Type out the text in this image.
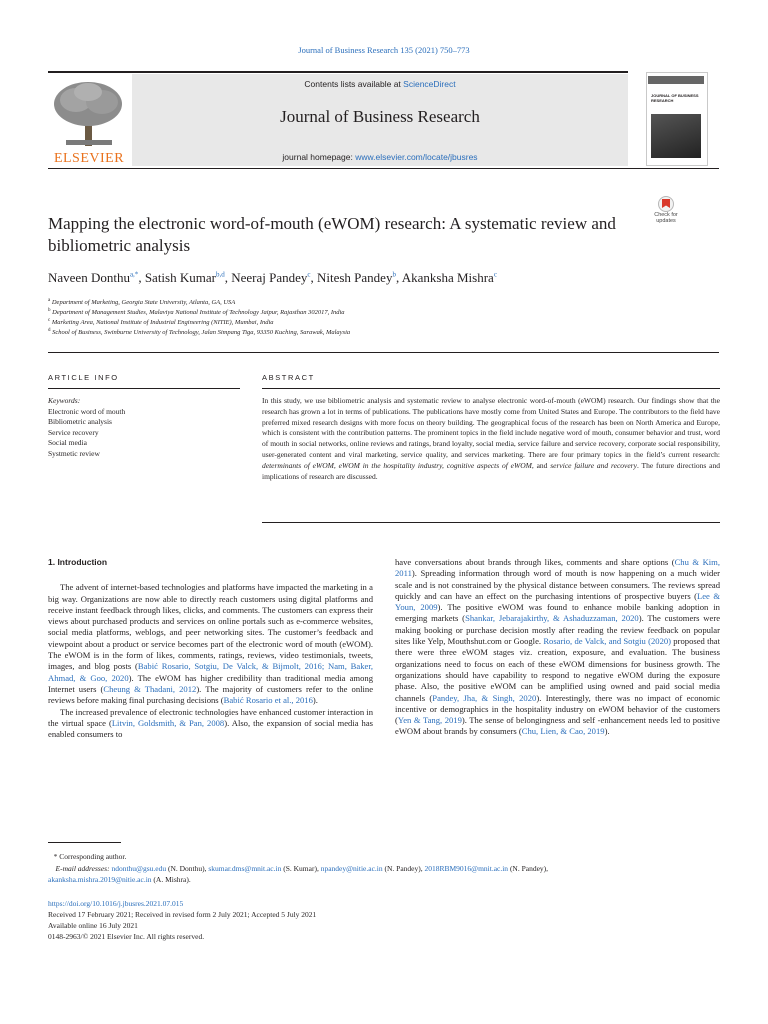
Journal of Business Research 135 (2021) 750–773
ELSEVIER
Contents lists available at ScienceDirect
Journal of Business Research
journal homepage: www.elsevier.com/locate/jbusres
JOURNAL OF BUSINESS RESEARCH
Mapping the electronic word-of-mouth (eWOM) research: A systematic review and bibliometric analysis
Check for updates
Naveen Donthu$^{a,*}$, Satish Kumar$^{b,d}$, Neeraj Pandey$^c$, Nitesh Pandey$^b$, Akanksha Mishra$^c$
$^a$ Department of Marketing, Georgia State University, Atlanta, GA, USA
$^b$ Department of Management Studies, Malaviya National Institute of Technology Jaipur, Rajasthan 302017, India
$^c$ Marketing Area, National Institute of Industrial Engineering (NITIE), Mumbai, India
$^d$ School of Business, Swinburne University of Technology, Jalan Simpang Tiga, 93350 Kuching, Sarawak, Malaysia
ARTICLE INFO	ABSTRACT
Keywords:
Electronic word of mouth
Bibliometric analysis
Service recovery
Social media
Systmetic review
In this study, we use bibliometric analysis and systematic review to analyse electronic word-of-mouth (eWOM) research. Our findings show that the research has grown a lot in terms of publications. The publications have mostly come from United States and Europe. The contributors to the field have preferred mixed research designs with more focus on theory building. The geographical focus of the research has been on North America and Europe, which is consistent with the contribution patterns. The prominent topics in the field include negative word of mouth, consumer behavior and trust, word of mouth in social networks, online reviews and ratings, brand loyalty, social media, service failure and service recovery, corporate social responsibility, user-generated content and viral marketing, service quality, and services marketing. There are four primary topics in the field’s current research: determinants of eWOM, eWOM in the hospitality industry, cognitive aspects of eWOM, and service failure and recovery. The future directions and implications of research are discussed.
1. Introduction

The advent of internet-based technologies and platforms have impacted the marketing in a big way. Organizations are now able to directly reach customers using digital platforms and receive instant feedback through likes, clicks, and comments. The customers can express their views about purchased products and services on online portals such as e-commerce websites, social media platforms, weblogs, and peer networking sites. The customer’s feedback and viewpoint about a product or service becomes part of the electronic word of mouth (eWOM). The eWOM is in the form of likes, comments, ratings, reviews, video testimonials, tweets, images, and blog posts (Babić Rosario, Sotgiu, De Valck, & Bijmolt, 2016; Nam, Baker, Ahmad, & Goo, 2020). The eWOM has higher credibility than traditional media among Internet users (Cheung & Thadani, 2012). The majority of customers refer to the online reviews before making final purchasing decisions (Babić Rosario et al., 2016).

The increased prevalence of electronic technologies have enhanced customer interaction in the virtual space (Litvin, Goldsmith, & Pan, 2008). Also, the expansion of social media has enabled consumers to

have conversations about brands through likes, comments and share options (Chu & Kim, 2011). Spreading information through word of mouth is now happening on a much wider scale and is not constrained by the physical distance between consumers. The reviews spread quickly and can have an effect on the purchasing intentions of prospective buyers (Lee & Youn, 2009). The positive eWOM was found to enhance mobile banking adoption in emerging markets (Shankar, Jebarajakirthy, & Ashaduzzaman, 2020). The customers were making booking or purchase decision mostly after reading the review feedback on popular sites like Yelp, Mouthshut.com or Google. Rosario, de Valck, and Sotgiu (2020) proposed that there were three eWOM stages viz. creation, exposure, and evaluation. The business organizations need to focus on each of these eWOM dimensions for business growth. The organizations should have capability to respond to negative eWOM during the exposure phase. Also, the positive eWOM can be amplified using owned and paid social media channels (Pandey, Jha, & Singh, 2020). Interestingly, there was no impact of economic incentive or demographics in the hospitality industry on eWOM behavior of the customers (Yen & Tang, 2019). The sense of belongingness and self -enhancement needs led to positive eWOM about brands by consumers (Chu, Lien, & Cao, 2019).

* Corresponding author.
E-mail addresses: ndonthu@gsu.edu (N. Donthu), skumar.dms@mnit.ac.in (S. Kumar), npandey@nitie.ac.in (N. Pandey), 2018RBM9016@mnit.ac.in (N. Pandey),
akanksha.mishra.2019@nitie.ac.in (A. Mishra).
https://doi.org/10.1016/j.jbusres.2021.07.015
Received 17 February 2021; Received in revised form 2 July 2021; Accepted 5 July 2021
Available online 16 July 2021
0148-2963/© 2021 Elsevier Inc. All rights reserved.
